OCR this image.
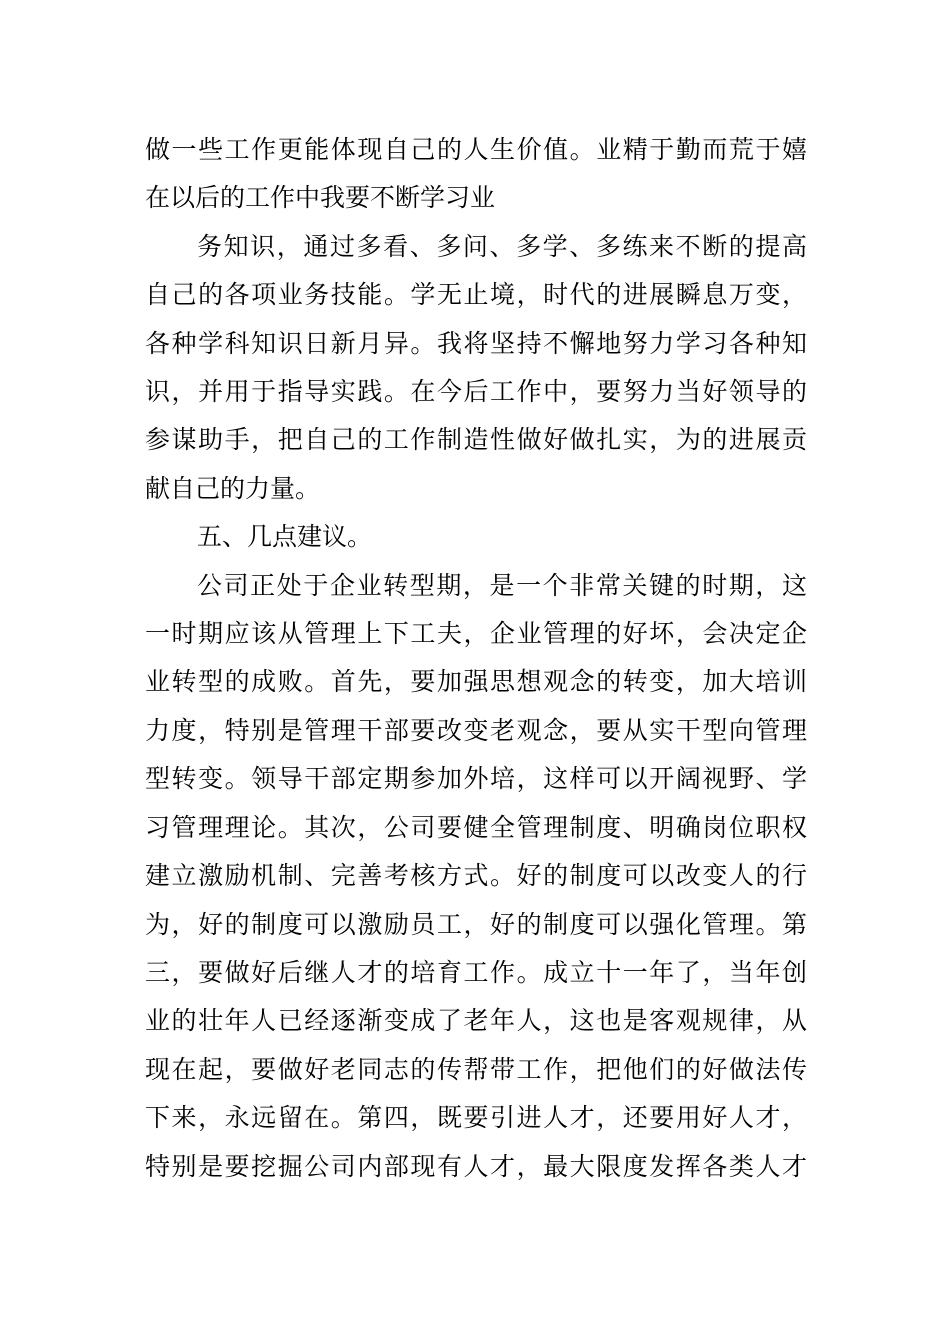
做一些工作更能体现自己的人生价值。业精于勤而荒于嬉
在以后的工作中我要不断学习业

务知识，通过多看、多问、多学、多练来不断的提高
自己的各项业务技能。学无止境，时代的进展瞬息万变，
各种学科知识日新月异。我将坚持不懈地努力学习各种知
识，并用于指导实践。在今后工作中，要努力当好领导的
参谋助手，把自己的工作制造性做好做扎实，为的进展贡
献自己的力量。

五、几点建议。

公司正处于企业转型期，是一个非常关键的时期，这
一时期应该从管理上下工夫，企业管理的好坏，会决定企
业转型的成败。首先，要加强思想观念的转变，加大培训
力度，特别是管理干部要改变老观念，要从实干型向管理
型转变。领导干部定期参加外培，这样可以开阔视野、学
习管理理论。其次，公司要健全管理制度、明确岗位职权
建立激励机制、完善考核方式。好的制度可以改变人的行
为，好的制度可以激励员工，好的制度可以强化管理。第
三，要做好后继人才的培育工作。成立十一年了，当年创
业的壮年人已经逐渐变成了老年人，这也是客观规律，从
现在起，要做好老同志的传帮带工作，把他们的好做法传
下来，永远留在。第四，既要引进人才，还要用好人才，
特别是要挖掘公司内部现有人才，最大限度发挥各类人才
